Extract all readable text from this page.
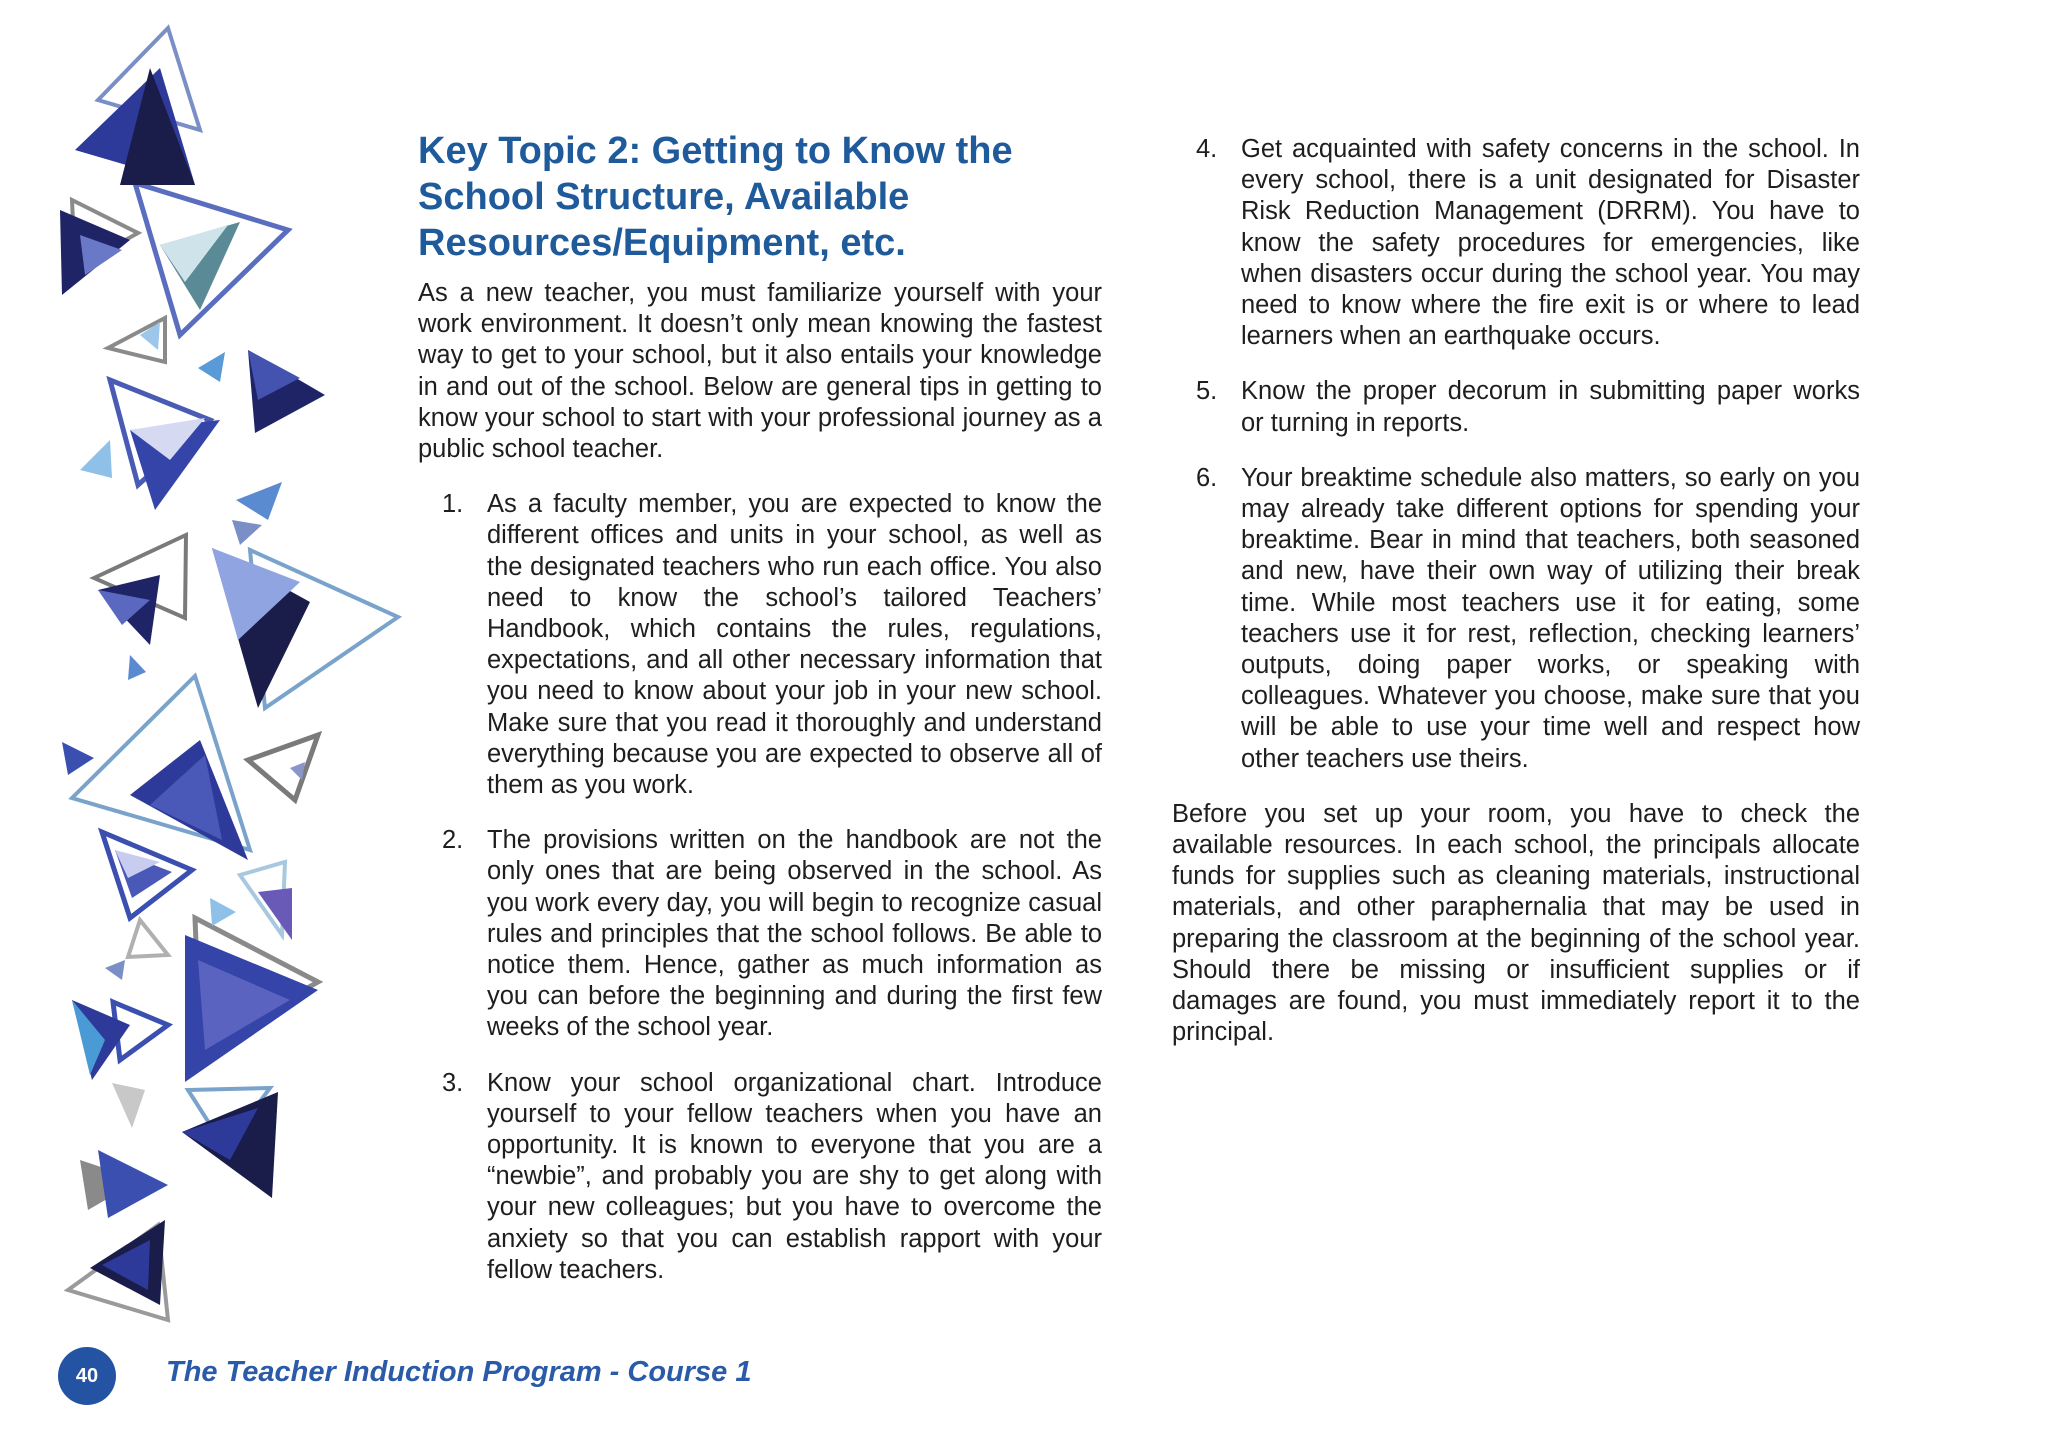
Key Topic 2: Getting to Know the School Structure, Available Resources/Equipment, etc.

As a new teacher, you must familiarize yourself with your work environment. It doesn’t only mean knowing the fastest way to get to your school, but it also entails your knowledge in and out of the school. Below are general tips in getting to know your school to start with your professional journey as a public school teacher.

1. As a faculty member, you are expected to know the different offices and units in your school, as well as the designated teachers who run each office. You also need to know the school’s tailored Teachers’ Handbook, which contains the rules, regulations, expectations, and all other necessary information that you need to know about your job in your new school. Make sure that you read it thoroughly and understand everything because you are expected to observe all of them as you work.
2. The provisions written on the handbook are not the only ones that are being observed in the school. As you work every day, you will begin to recognize casual rules and principles that the school follows. Be able to notice them. Hence, gather as much information as you can before the beginning and during the first few weeks of the school year.
3. Know your school organizational chart. Introduce yourself to your fellow teachers when you have an opportunity. It is known to everyone that you are a “newbie”, and probably you are shy to get along with your new colleagues; but you have to overcome the anxiety so that you can establish rapport with your fellow teachers.
4. Get acquainted with safety concerns in the school. In every school, there is a unit designated for Disaster Risk Reduction Management (DRRM). You have to know the safety procedures for emergencies, like when disasters occur during the school year. You may need to know where the fire exit is or where to lead learners when an earthquake occurs.
5. Know the proper decorum in submitting paper works or turning in reports.
6. Your breaktime schedule also matters, so early on you may already take different options for spending your breaktime. Bear in mind that teachers, both seasoned and new, have their own way of utilizing their break time. While most teachers use it for eating, some teachers use it for rest, reflection, checking learners’ outputs, doing paper works, or speaking with colleagues. Whatever you choose, make sure that you will be able to use your time well and respect how other teachers use theirs.

Before you set up your room, you have to check the available resources. In each school, the principals allocate funds for supplies such as cleaning materials, instructional materials, and other paraphernalia that may be used in preparing the classroom at the beginning of the school year. Should there be missing or insufficient supplies or if damages are found, you must immediately report it to the principal.

40 The Teacher Induction Program - Course 1
